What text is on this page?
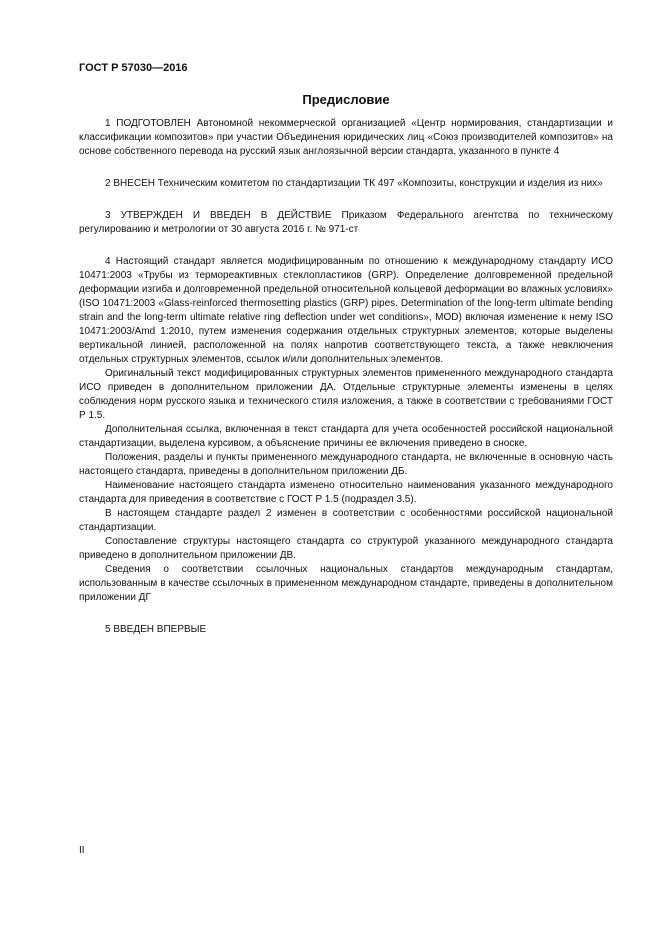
ГОСТ Р 57030—2016
Предисловие

1 ПОДГОТОВЛЕН Автономной некоммерческой организацией «Центр нормирования, стандартизации и классификации композитов» при участии Объединения юридических лиц «Союз производителей композитов» на основе собственного перевода на русский язык англоязычной версии стандарта, указанного в пункте 4

2 ВНЕСЕН Техническим комитетом по стандартизации ТК 497 «Композиты, конструкции и изделия из них»

3 УТВЕРЖДЕН И ВВЕДЕН В ДЕЙСТВИЕ Приказом Федерального агентства по техническому регулированию и метрологии от 30 августа 2016 г. № 971-ст

4 Настоящий стандарт является модифицированным по отношению к международному стандарту ИСО 10471:2003 «Трубы из термореактивных стеклопластиков (GRP). Определение долговременной предельной деформации изгиба и долговременной предельной относительной кольцевой деформации во влажных условиях» (ISO 10471:2003 «Glass-reinforced thermosetting plastics (GRP) pipes. Determination of the long-term ultimate bending strain and the long-term ultimate relative ring deflection under wet conditions», MOD) включая изменение к нему ISO 10471:2003/Amd 1:2010, путем изменения содержания отдельных структурных элементов, которые выделены вертикальной линией, расположенной на полях напротив соответствующего текста, а также невключения отдельных структурных элементов, ссылок и/или дополнительных элементов.

Оригинальный текст модифицированных структурных элементов примененного международного стандарта ИСО приведен в дополнительном приложении ДА. Отдельные структурные элементы изменены в целях соблюдения норм русского языка и технического стиля изложения, а также в соответствии с требованиями ГОСТ Р 1.5.

Дополнительная ссылка, включенная в текст стандарта для учета особенностей российской национальной стандартизации, выделена курсивом, а объяснение причины ее включения приведено в сноске.

Положения, разделы и пункты примененного международного стандарта, не включенные в основную часть настоящего стандарта, приведены в дополнительном приложении ДБ.

Наименование настоящего стандарта изменено относительно наименования указанного международного стандарта для приведения в соответствие с ГОСТ Р 1.5 (подраздел 3.5).

В настоящем стандарте раздел 2 изменен в соответствии с особенностями российской национальной стандартизации.

Сопоставление структуры настоящего стандарта со структурой указанного международного стандарта приведено в дополнительном приложении ДВ.

Сведения о соответствии ссылочных национальных стандартов международным стандартам, использованным в качестве ссылочных в примененном международном стандарте, приведены в дополнительном приложении ДГ

5 ВВЕДЕН ВПЕРВЫЕ

II
